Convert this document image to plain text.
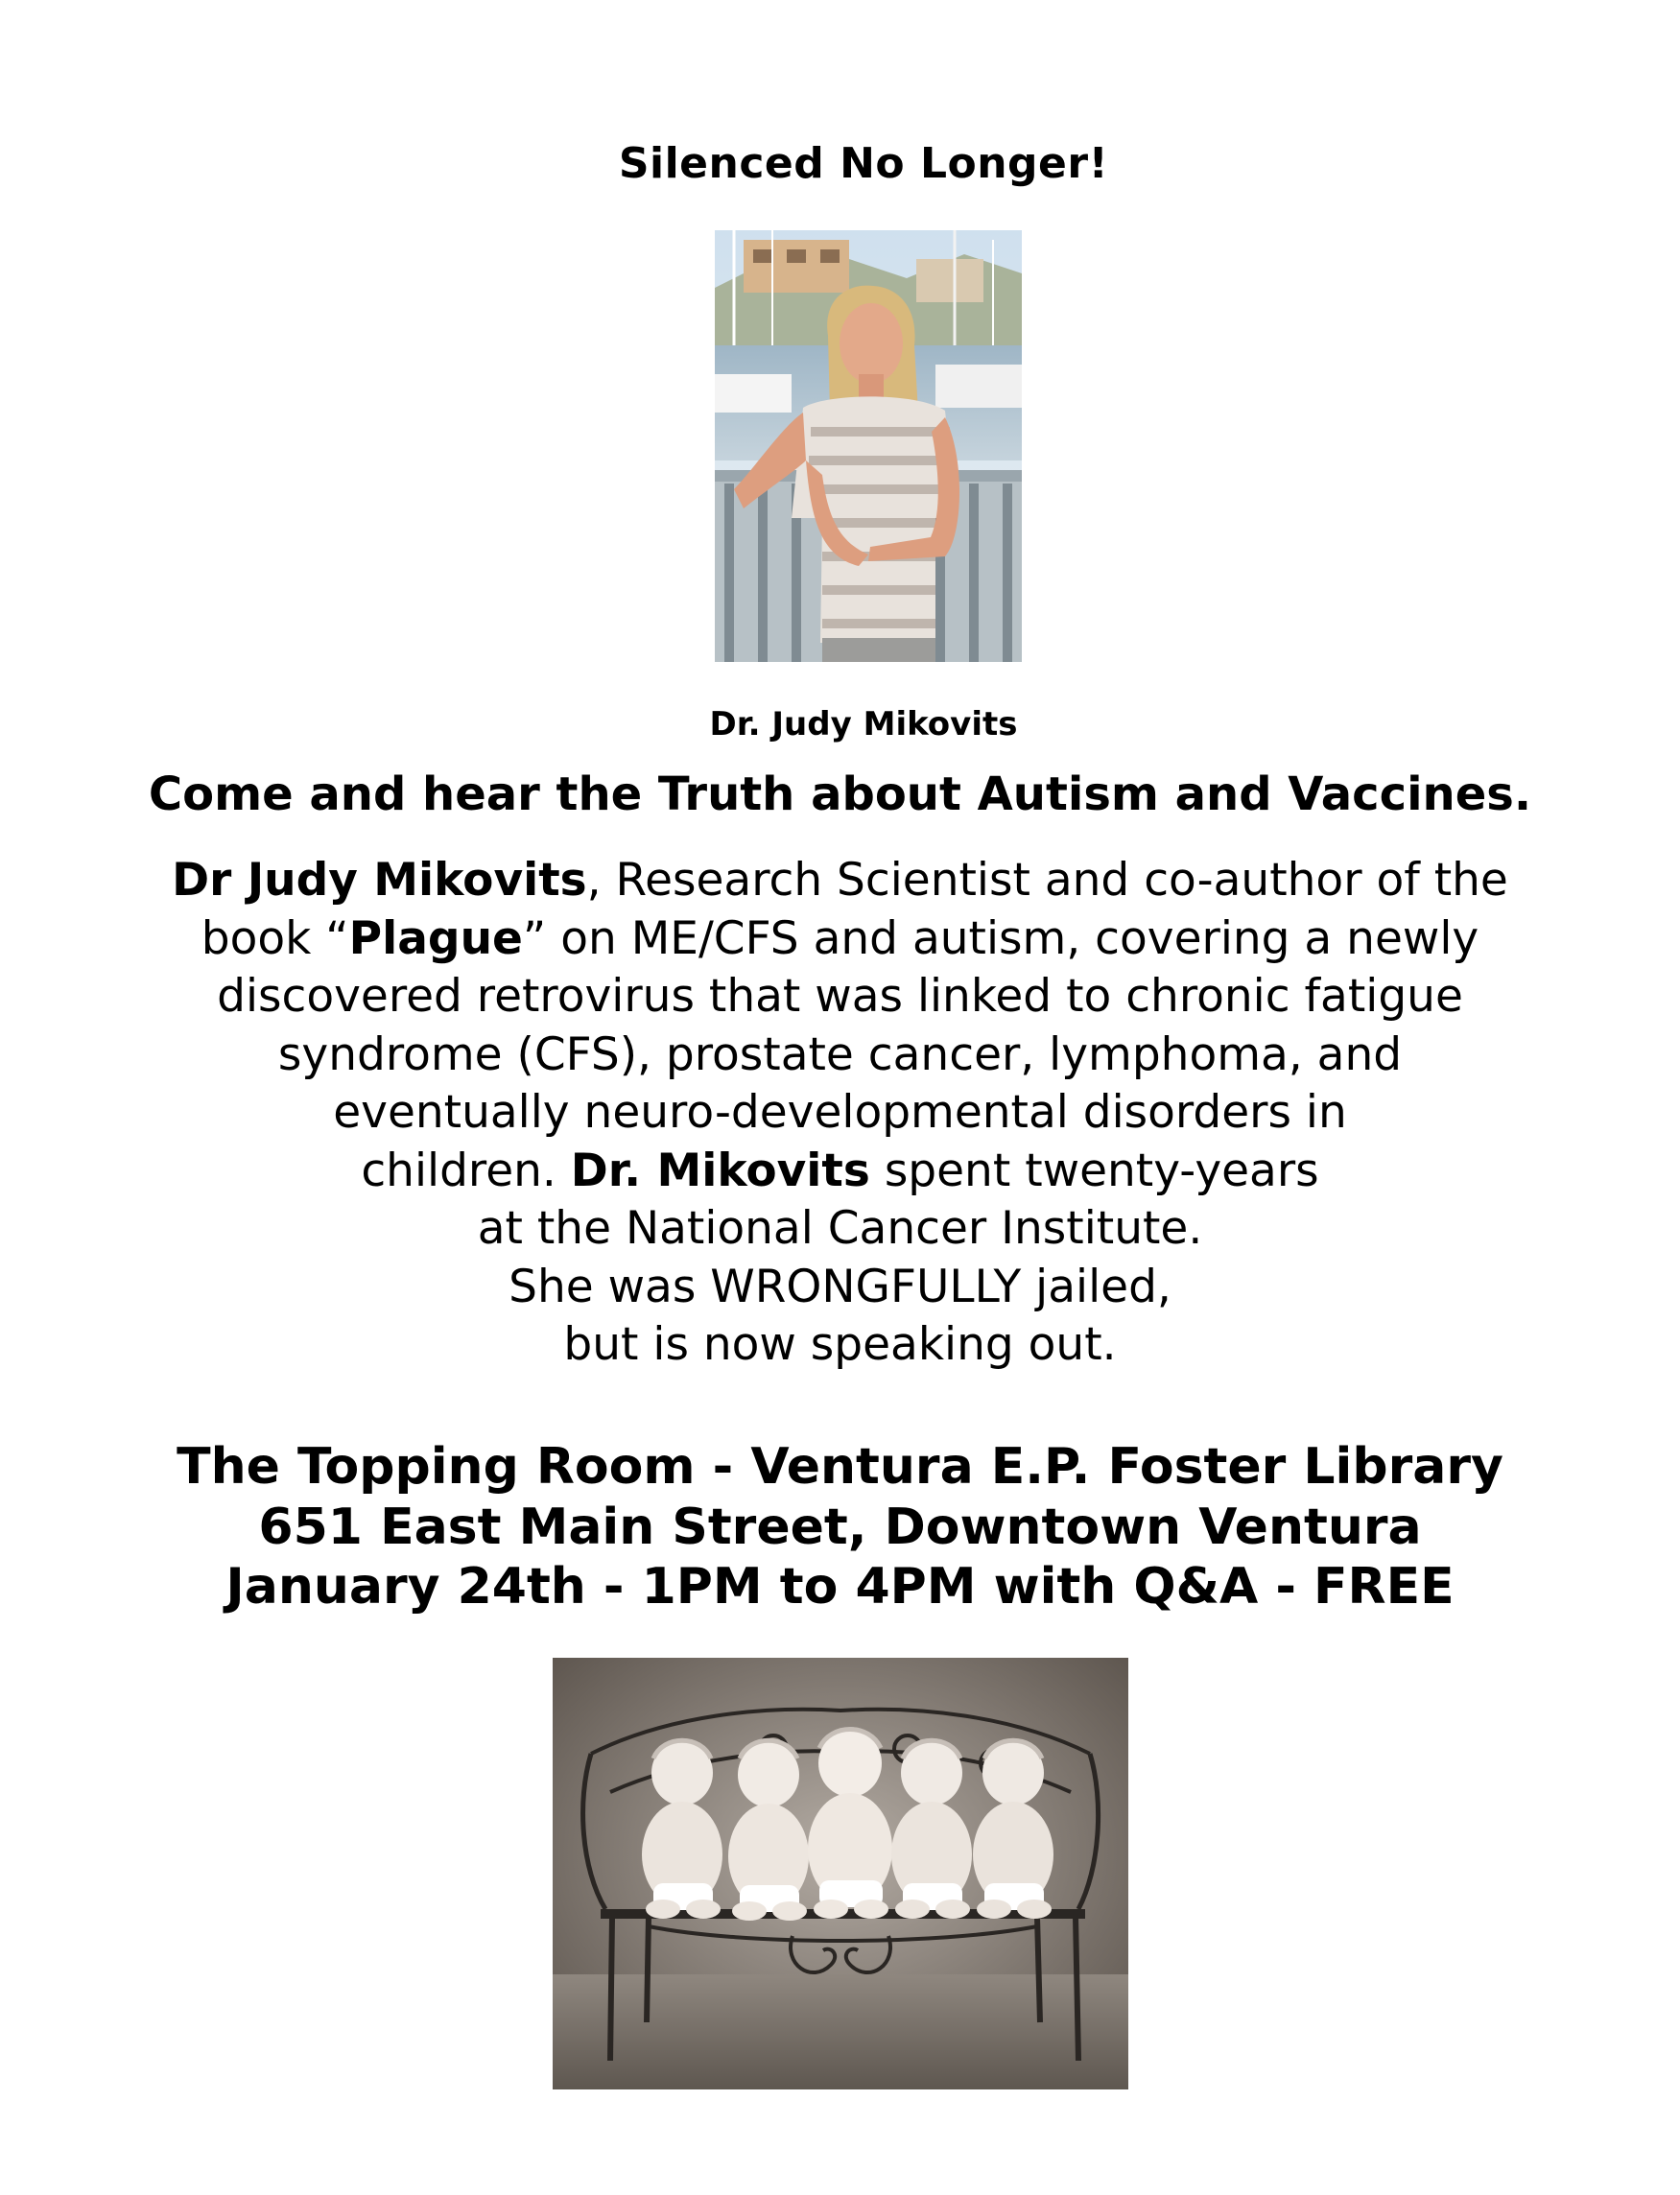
Silenced No Longer!
Dr. Judy Mikovits
Come and hear the Truth about Autism and Vaccines.
Dr Judy Mikovits, Research Scientist and co-author of the
book “Plague” on ME/CFS and autism, covering a newly
discovered retrovirus that was linked to chronic fatigue
syndrome (CFS), prostate cancer, lymphoma, and
eventually neuro-developmental disorders in
children. Dr. Mikovits spent twenty-years
at the National Cancer Institute.
She was WRONGFULLY jailed,
but is now speaking out.
The Topping Room - Ventura E.P. Foster Library
651 East Main Street, Downtown Ventura
January 24th - 1PM to 4PM with Q&A - FREE
